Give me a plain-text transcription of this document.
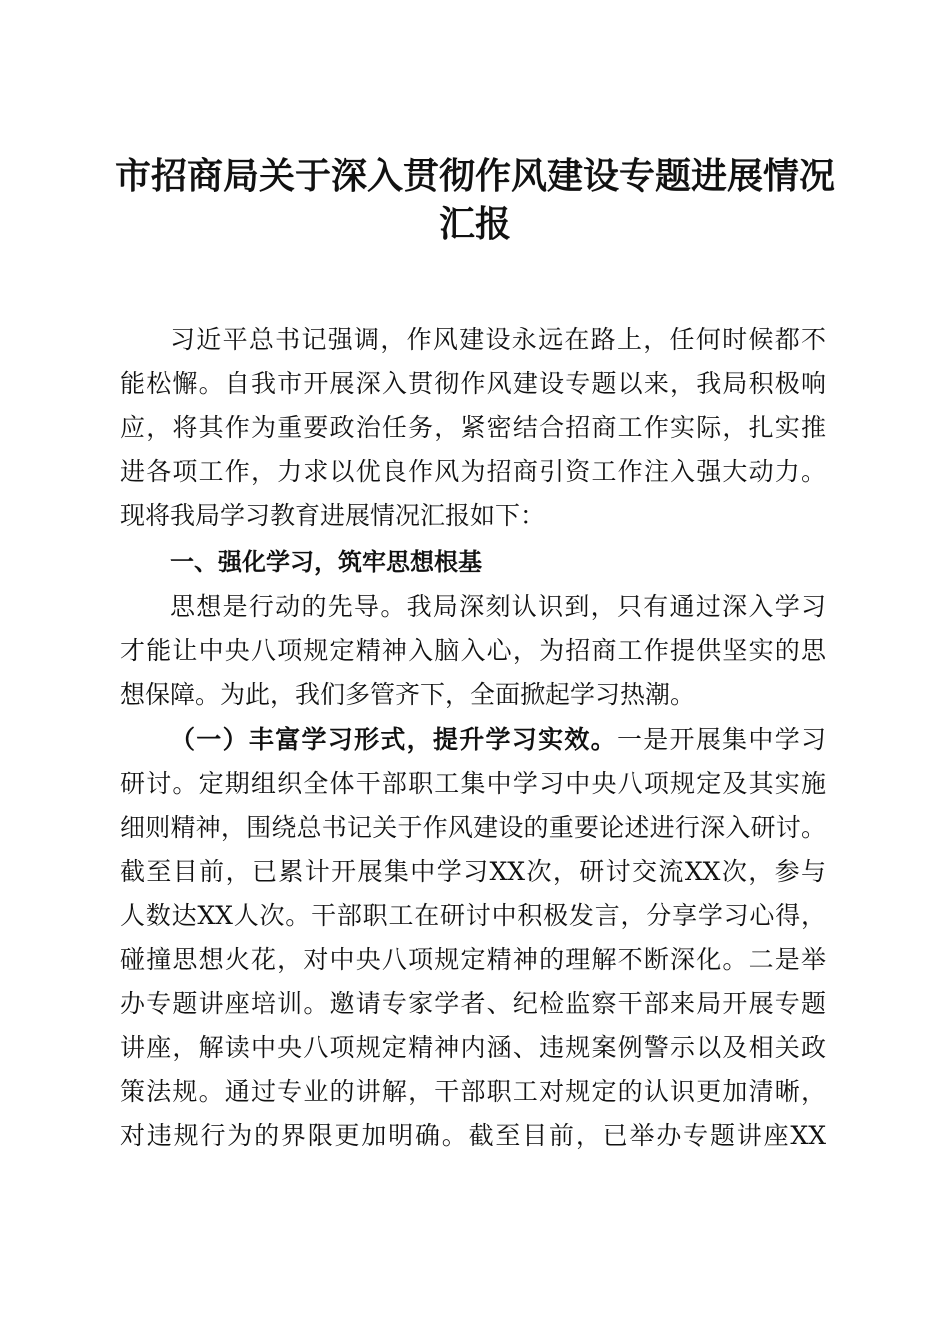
市招商局关于深入贯彻作风建设专题进展情况
汇报

习近平总书记强调，作风建设永远在路上，任何时候都不

能松懈。自我市开展深入贯彻作风建设专题以来，我局积极响

应，将其作为重要政治任务，紧密结合招商工作实际，扎实推

进各项工作，力求以优良作风为招商引资工作注入强大动力。

现将我局学习教育进展情况汇报如下：

一、强化学习，筑牢思想根基

思想是行动的先导。我局深刻认识到，只有通过深入学习

才能让中央八项规定精神入脑入心，为招商工作提供坚实的思

想保障。为此，我们多管齐下，全面掀起学习热潮。

（一）丰富学习形式，提升学习实效。一是开展集中学习

研讨。定期组织全体干部职工集中学习中央八项规定及其实施

细则精神，围绕总书记关于作风建设的重要论述进行深入研讨。

截至目前，已累计开展集中学习XX次，研讨交流XX次，参与

人数达XX人次。干部职工在研讨中积极发言，分享学习心得，

碰撞思想火花，对中央八项规定精神的理解不断深化。二是举

办专题讲座培训。邀请专家学者、纪检监察干部来局开展专题

讲座，解读中央八项规定精神内涵、违规案例警示以及相关政

策法规。通过专业的讲解，干部职工对规定的认识更加清晰，

对违规行为的界限更加明确。截至目前，已举办专题讲座XX
